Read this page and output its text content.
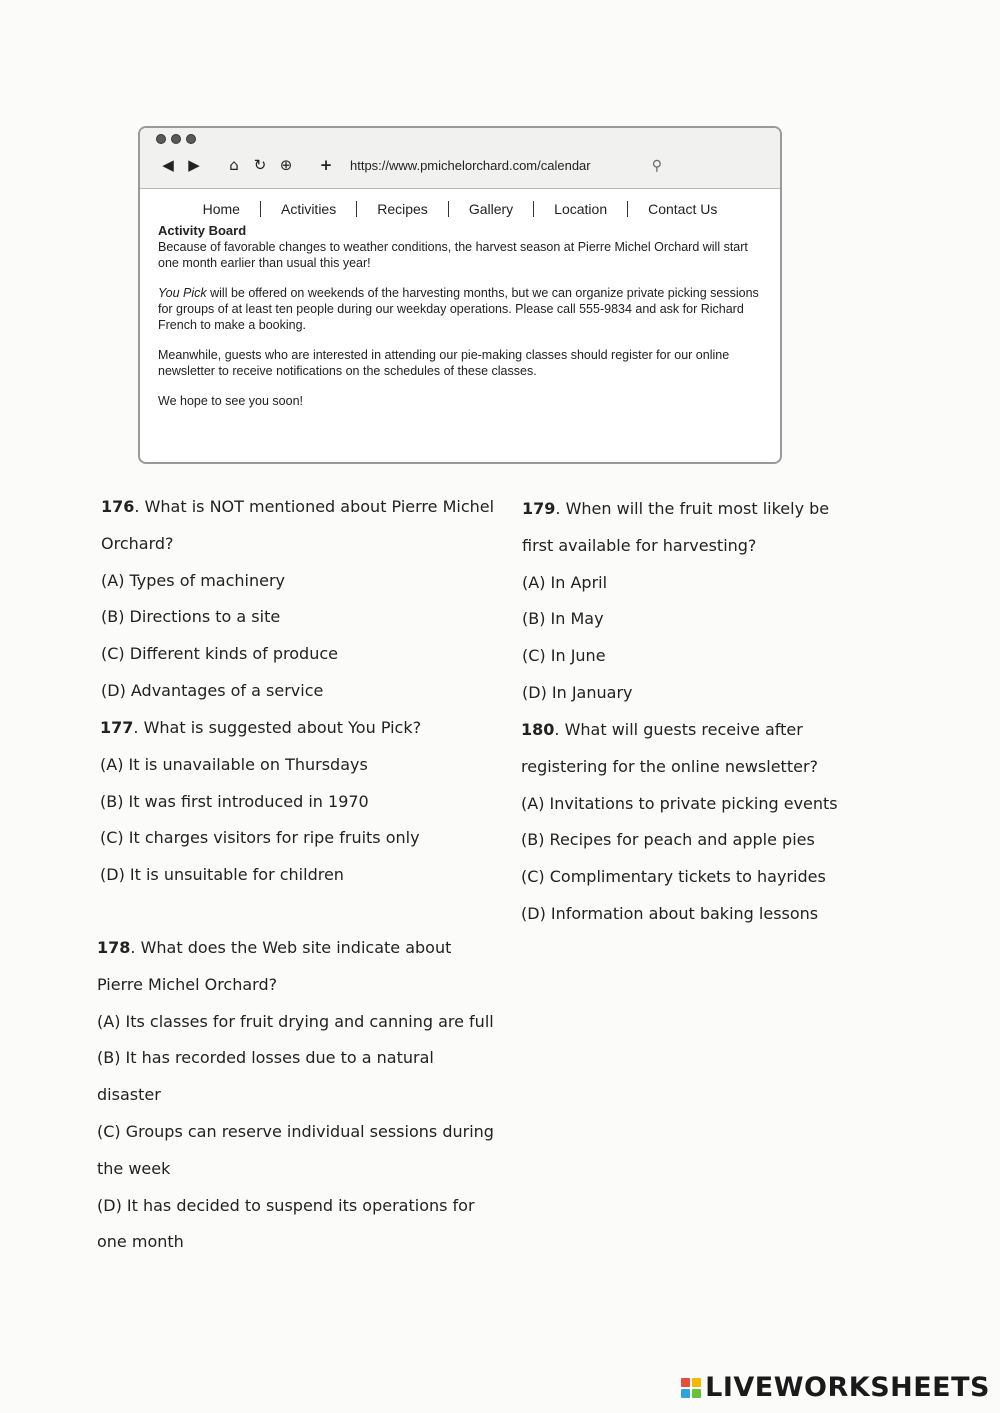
◀ ▶ ⌂ ↻ ⊕ + https://www.pmichelorchard.com/calendar	⚲
Home	Activities	Recipes	Gallery	Location	Contact Us
Activity Board

Because of favorable changes to weather conditions, the harvest season at Pierre Michel Orchard will start one month earlier than usual this year!

You Pick will be offered on weekends of the harvesting months, but we can organize private picking sessions for groups of at least ten people during our weekday operations. Please call 555-9834 and ask for Richard French to make a booking.

Meanwhile, guests who are interested in attending our pie-making classes should register for our online newsletter to receive notifications on the schedules of these classes.

We hope to see you soon!

176. What is NOT mentioned about Pierre Michel
Orchard?
(A) Types of machinery
(B) Directions to a site
(C) Different kinds of produce
(D) Advantages of a service
177. What is suggested about You Pick?
(A) It is unavailable on Thursdays
(B) It was first introduced in 1970
(C) It charges visitors for ripe fruits only
(D) It is unsuitable for children
178. What does the Web site indicate about
Pierre Michel Orchard?
(A) Its classes for fruit drying and canning are full
(B) It has recorded losses due to a natural
disaster
(C) Groups can reserve individual sessions during
the week
(D) It has decided to suspend its operations for
one month
179. When will the fruit most likely be
first available for harvesting?
(A) In April
(B) In May
(C) In June
(D) In January
180. What will guests receive after
registering for the online newsletter?
(A) Invitations to private picking events
(B) Recipes for peach and apple pies
(C) Complimentary tickets to hayrides
(D) Information about baking lessons
LIVEWORKSHEETS
